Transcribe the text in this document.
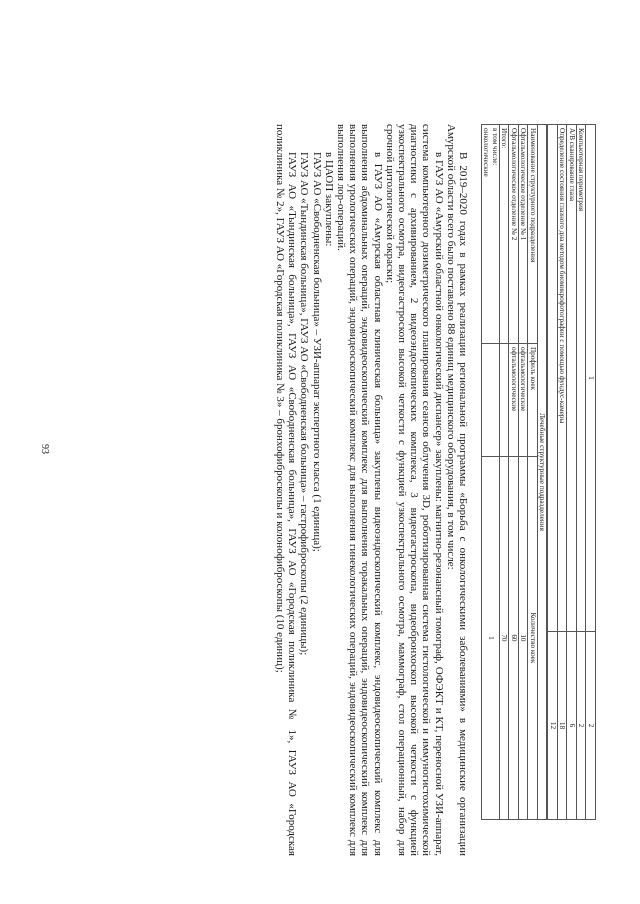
93
1	2
Компьютерная периметрия	2
А/В сканирование глаза	6
Определение состояния глазного дна методом биомикрофотографии с помощью фундус-камеры	18
	12
Лечебные структурные подразделения		
Наименование структурного подразделения	Профиль коек	Количество коек
Офтальмологическое отделение № 1	офтальмологические	10
Офтальмологическое отделение № 2	офтальмологические	60
Итого:		70
в том числе:
онкологические		1

В 2019–2020 годах в рамках реализации региональной программы «Борьба с онкологическими заболеваниями» в медицинские организации Амурской области всего было поставлено 88 единиц медицинского оборудования, в том числе:

в ГАУЗ АО «Амурский областной онкологический диспансер» закуплены: магнитно-резонансный томограф, ОФЭКТ и КТ, переносной УЗИ-аппарат, система компьютерного дозиметрического планирования сеансов облучения 3D, роботизированная система гистологической и иммуногистохимической диагностики с архивированием, 2 видеоэндоскопических комплекса, 3 видеогастроскопа, видеобронхоскоп высокой четкости с функцией узкоспектрального осмотра, видеогастроскоп высокой четкости с функцией узкоспектрального осмотра, маммограф, стол операционный, набор для срочной цитологической окраски;

в ГАУЗ АО «Амурская областная клиническая больница» закуплены видеоэндоскопический комплекс, эндовидеоскопический комплекс для выполнения абдоминальных операций, эндовидеоскопический комплекс для выполнения торакальных операций, эндовидеоскопический комплекс для выполнения урологических операций, эндовидеоскопический комплекс для выполнения гинекологических операций, эндовидеоскопический комплекс для выполнения лор-операций.

в ЦАОП закуплены:

ГАУЗ АО «Свободненская больница» – УЗИ-аппарат экспертного класса (1 единица);

ГАУЗ АО «Тындинская больница», ГАУЗ АО «Свободненская больница» – гастрофиброскопы (2 единицы);

ГАУЗ АО «Тындинская больница», ГАУЗ АО «Свободненская больница», ГАУЗ АО «Городская поликлиника № 1», ГАУЗ АО «Городская поликлиника № 2», ГАУЗ АО «Городская поликлиника № 3» – бронхофиброскопы и колонофиброскопы (10 единиц);
